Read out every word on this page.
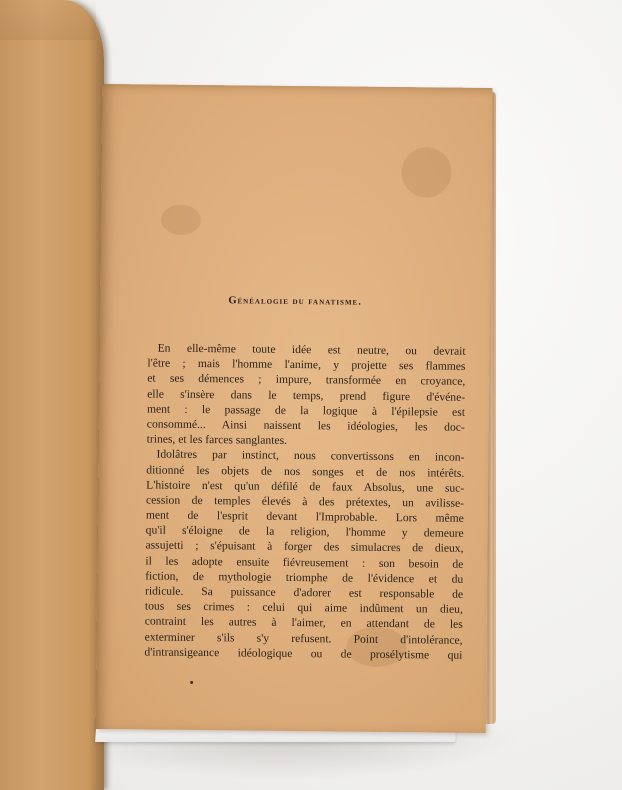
Généalogie du fanatisme.
En elle-même toute idée est neutre, ou devrait
l'être ; mais l'homme l'anime, y projette ses flammes
et ses démences ; impure, transformée en croyance,
elle s'insère dans le temps, prend figure d'événe-
ment : le passage de la logique à l'épilepsie est
consommé... Ainsi naissent les idéologies, les doc-
trines, et les farces sanglantes.
Idolâtres par instinct, nous convertissons en incon-
ditionné les objets de nos songes et de nos intérêts.
L'histoire n'est qu'un défilé de faux Absolus, une suc-
cession de temples élevés à des prétextes, un avilisse-
ment de l'esprit devant l'Improbable. Lors même
qu'il s'éloigne de la religion, l'homme y demeure
assujetti ; s'épuisant à forger des simulacres de dieux,
il les adopte ensuite fiévreusement : son besoin de
fiction, de mythologie triomphe de l'évidence et du
ridicule. Sa puissance d'adorer est responsable de
tous ses crimes : celui qui aime indûment un dieu,
contraint les autres à l'aimer, en attendant de les
exterminer s'ils s'y refusent. Point d'intolérance,
d'intransigeance idéologique ou de prosélytisme qui
